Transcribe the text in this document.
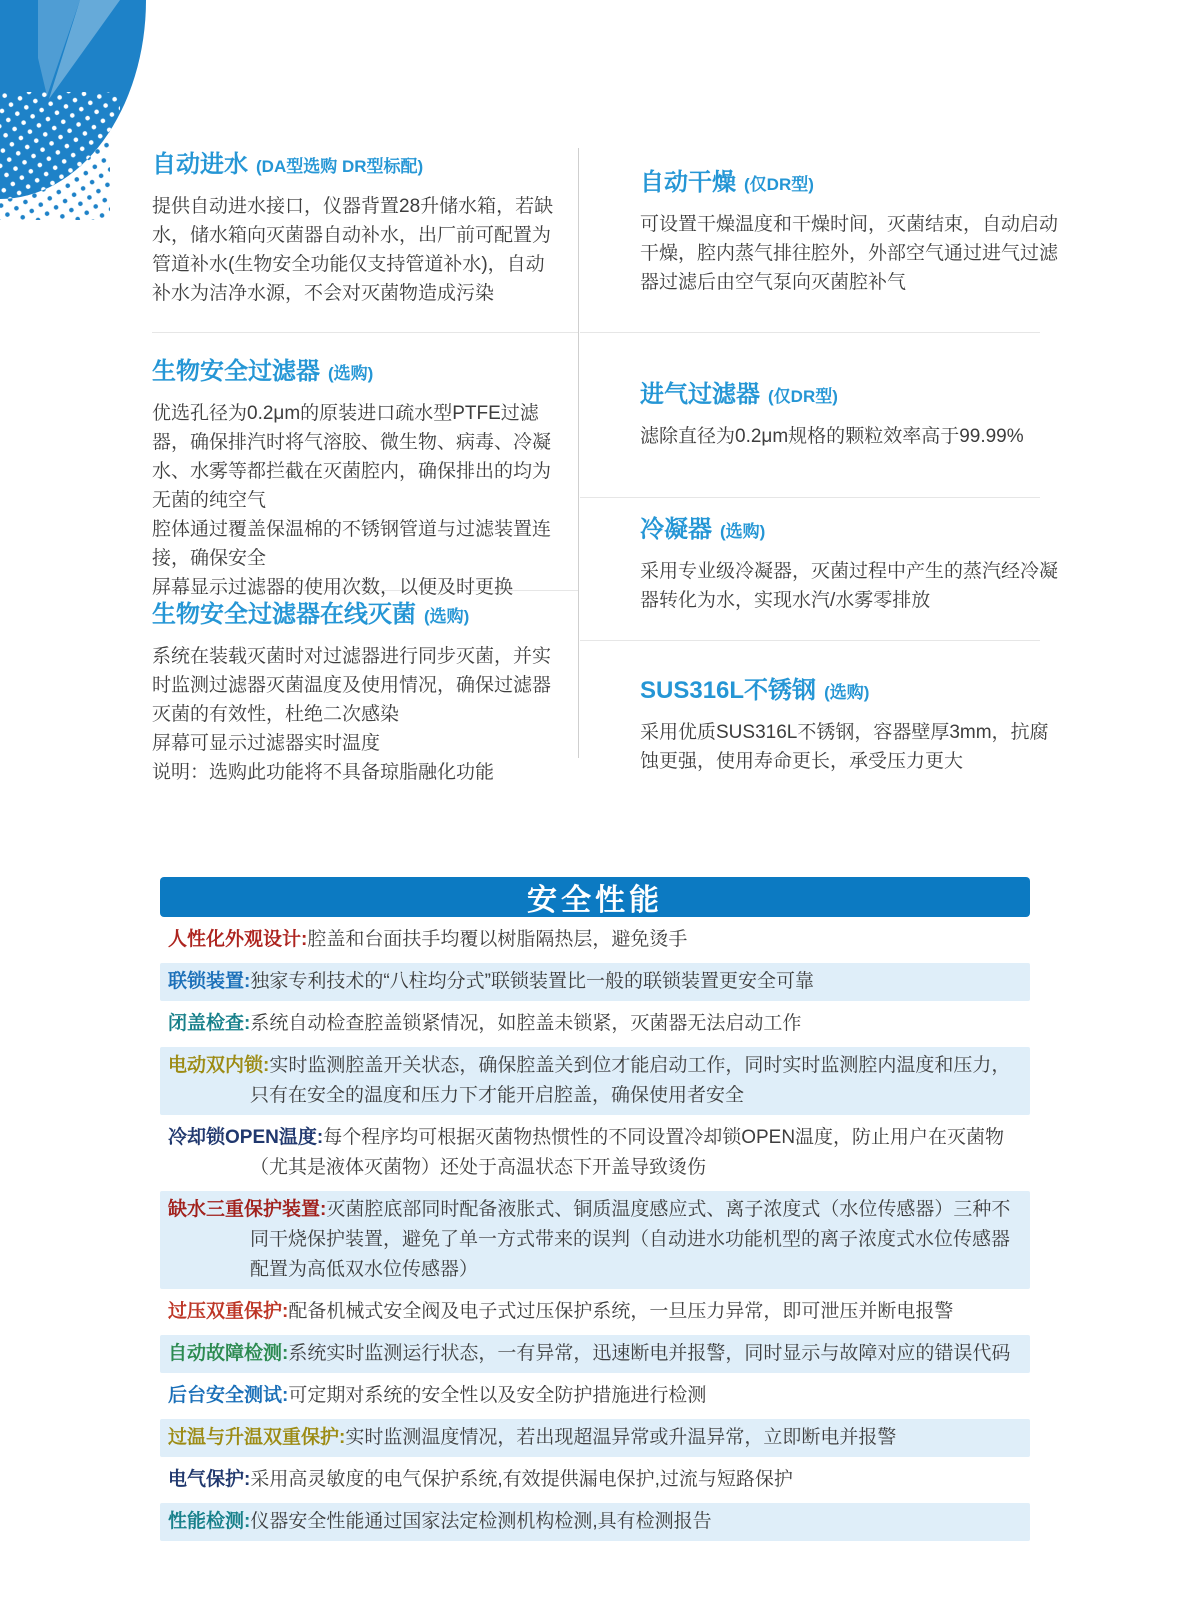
自动进水 (DA型选购 DR型标配)

提供自动进水接口，仪器背置28升储水箱，若缺水，储水箱向灭菌器自动补水，出厂前可配置为管道补水(生物安全功能仅支持管道补水)，自动补水为洁净水源，不会对灭菌物造成污染

生物安全过滤器 (选购)

优选孔径为0.2μm的原装进口疏水型PTFE过滤器，确保排汽时将气溶胶、微生物、病毒、冷凝水、水雾等都拦截在灭菌腔内，确保排出的均为无菌的纯空气

腔体通过覆盖保温棉的不锈钢管道与过滤装置连接，确保安全

屏幕显示过滤器的使用次数，以便及时更换

生物安全过滤器在线灭菌 (选购)

系统在装载灭菌时对过滤器进行同步灭菌，并实时监测过滤器灭菌温度及使用情况，确保过滤器灭菌的有效性，杜绝二次感染

屏幕可显示过滤器实时温度

说明：选购此功能将不具备琼脂融化功能

自动干燥 (仅DR型)

可设置干燥温度和干燥时间，灭菌结束，自动启动干燥，腔内蒸气排往腔外，外部空气通过进气过滤器过滤后由空气泵向灭菌腔补气

进气过滤器 (仅DR型)

滤除直径为0.2μm规格的颗粒效率高于99.99%

冷凝器 (选购)

采用专业级冷凝器，灭菌过程中产生的蒸汽经冷凝器转化为水，实现水汽/水雾零排放

SUS316L不锈钢 (选购)

采用优质SUS316L不锈钢，容器壁厚3mm，抗腐蚀更强，使用寿命更长，承受压力更大

安全性能
人性化外观设计:腔盖和台面扶手均覆以树脂隔热层，避免烫手
联锁装置:独家专利技术的“八柱均分式”联锁装置比一般的联锁装置更安全可靠
闭盖检查:系统自动检查腔盖锁紧情况，如腔盖未锁紧，灭菌器无法启动工作
电动双内锁:实时监测腔盖开关状态，确保腔盖关到位才能启动工作，同时实时监测腔内温度和压力，只有在安全的温度和压力下才能开启腔盖，确保使用者安全
冷却锁OPEN温度:每个程序均可根据灭菌物热惯性的不同设置冷却锁OPEN温度，防止用户在灭菌物（尤其是液体灭菌物）还处于高温状态下开盖导致烫伤
缺水三重保护装置:灭菌腔底部同时配备液胀式、铜质温度感应式、离子浓度式（水位传感器）三种不同干烧保护装置，避免了单一方式带来的误判（自动进水功能机型的离子浓度式水位传感器配置为高低双水位传感器）
过压双重保护:配备机械式安全阀及电子式过压保护系统，一旦压力异常，即可泄压并断电报警
自动故障检测:系统实时监测运行状态，一有异常，迅速断电并报警，同时显示与故障对应的错误代码
后台安全测试:可定期对系统的安全性以及安全防护措施进行检测
过温与升温双重保护:实时监测温度情况，若出现超温异常或升温异常，立即断电并报警
电气保护:采用高灵敏度的电气保护系统,有效提供漏电保护,过流与短路保护
性能检测:仪器安全性能通过国家法定检测机构检测,具有检测报告
